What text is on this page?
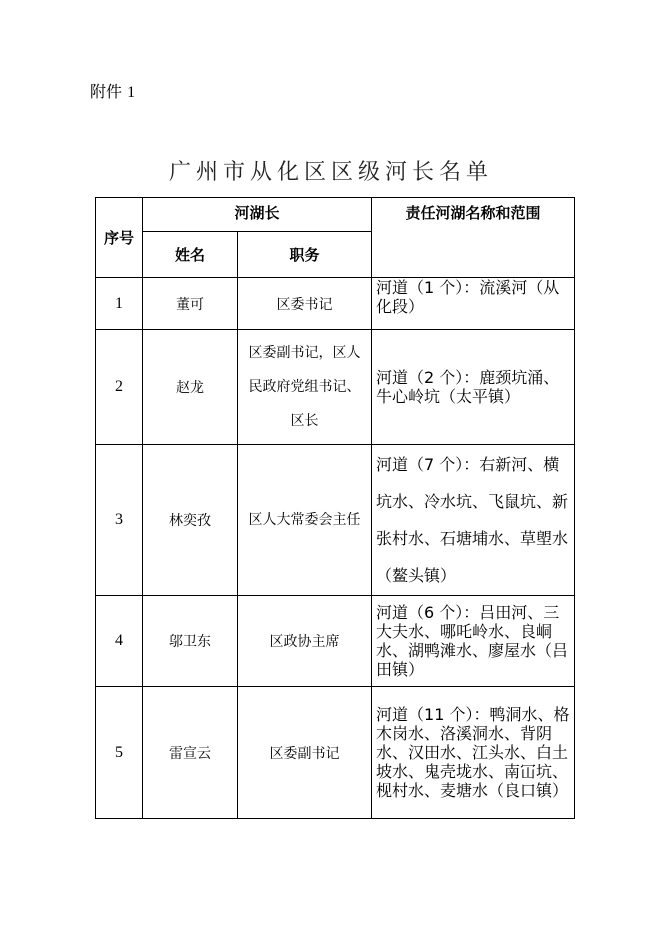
附件 1
广州市从化区区级河长名单
序号	河湖长		责任河湖名称和范围
	姓名	职务	
1	董可	区委书记	河道（1 个）：流溪河（从化段）
2	赵龙	区委副书记，区人民政府党组书记、区长	河道（2 个）：鹿颈坑涌、牛心岭坑（太平镇）
3	林奕孜	区人大常委会主任	河道（7 个）：右新河、横坑水、冷水坑、飞鼠坑、新张村水、石塘埔水、草塱水（鳌头镇）
4	邬卫东	区政协主席	河道（6 个）：吕田河、三大夫水、哪吒岭水、良峒水、湖鸭滩水、廖屋水（吕田镇）
5	雷宣云	区委副书记	河道（11 个）：鸭洞水、格木岗水、洛溪洞水、背阴水、汉田水、江头水、白土坡水、鬼壳垅水、南冚坑、枧村水、麦塘水（良口镇）
